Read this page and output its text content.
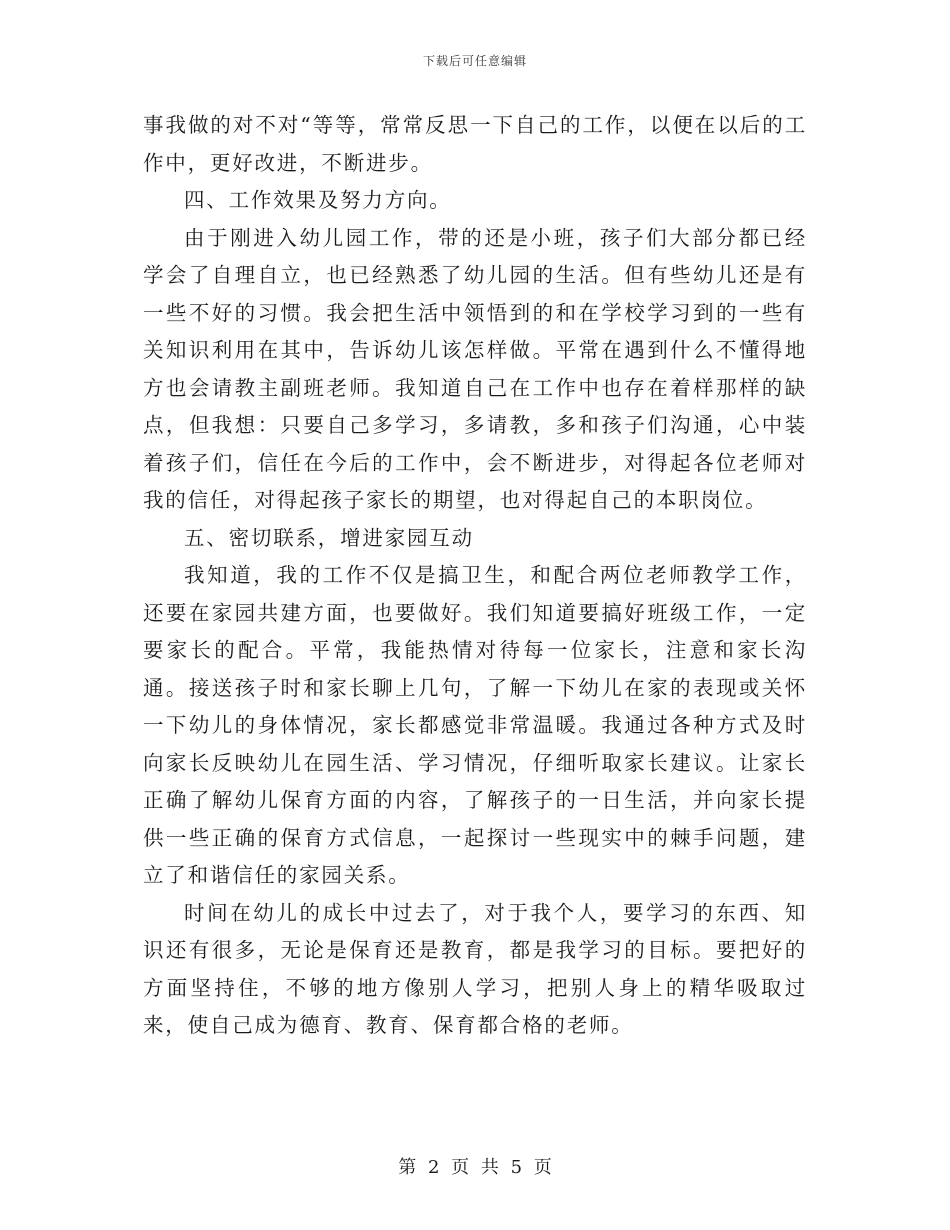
下载后可任意编辑

事我做的对不对“等等，常常反思一下自己的工作，以便在以后的工作中，更好改进，不断进步。

四、工作效果及努力方向。

由于刚进入幼儿园工作，带的还是小班，孩子们大部分都已经学会了自理自立，也已经熟悉了幼儿园的生活。但有些幼儿还是有一些不好的习惯。我会把生活中领悟到的和在学校学习到的一些有关知识利用在其中，告诉幼儿该怎样做。平常在遇到什么不懂得地方也会请教主副班老师。我知道自己在工作中也存在着样那样的缺点，但我想：只要自己多学习，多请教，多和孩子们沟通，心中装着孩子们，信任在今后的工作中，会不断进步，对得起各位老师对我的信任，对得起孩子家长的期望，也对得起自己的本职岗位。

五、密切联系，增进家园互动

我知道，我的工作不仅是搞卫生，和配合两位老师教学工作，还要在家园共建方面，也要做好。我们知道要搞好班级工作，一定要家长的配合。平常，我能热情对待每一位家长，注意和家长沟通。接送孩子时和家长聊上几句，了解一下幼儿在家的表现或关怀一下幼儿的身体情况，家长都感觉非常温暖。我通过各种方式及时向家长反映幼儿在园生活、学习情况，仔细听取家长建议。让家长正确了解幼儿保育方面的内容，了解孩子的一日生活，并向家长提供一些正确的保育方式信息，一起探讨一些现实中的棘手问题，建立了和谐信任的家园关系。

时间在幼儿的成长中过去了，对于我个人，要学习的东西、知识还有很多，无论是保育还是教育，都是我学习的目标。要把好的方面坚持住，不够的地方像别人学习，把别人身上的精华吸取过来，使自己成为德育、教育、保育都合格的老师。

第 2 页 共 5 页
